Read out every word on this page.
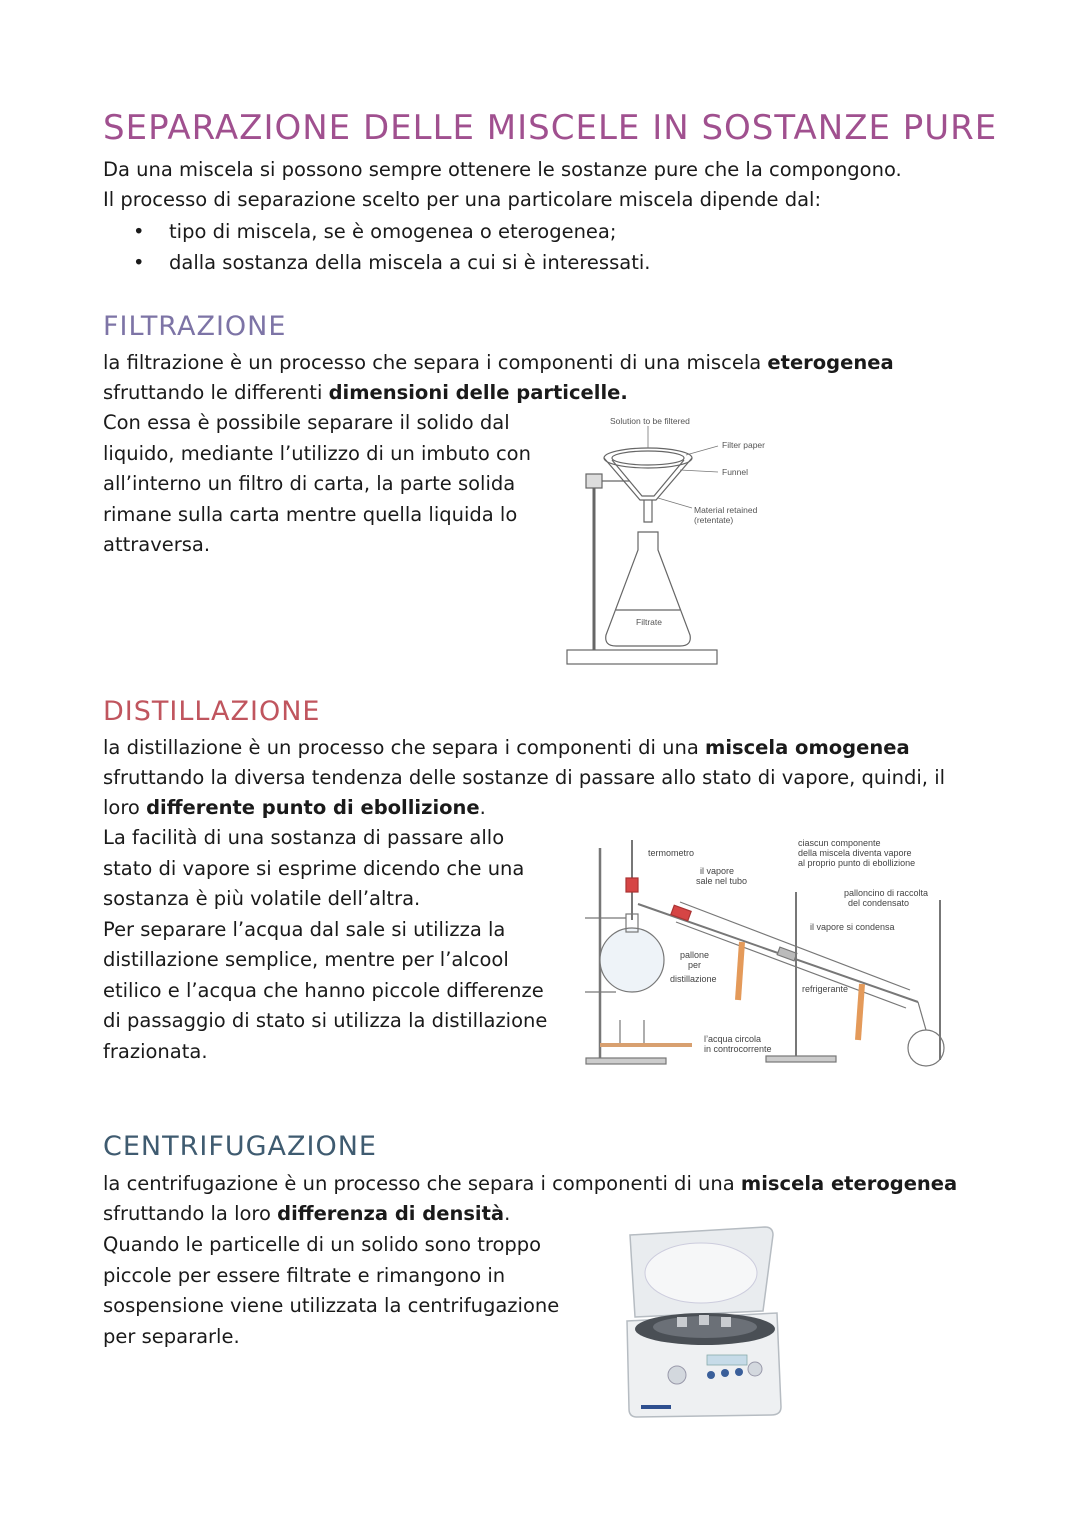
SEPARAZIONE DELLE MISCELE IN SOSTANZE PURE
Da una miscela si possono sempre ottenere le sostanze pure che la compongono.
Il processo di separazione scelto per una particolare miscela dipende dal:
• tipo di miscela, se è omogenea o eterogenea;
• dalla sostanza della miscela a cui si è interessati.
FILTRAZIONE
la filtrazione è un processo che separa i componenti di una miscela eterogenea
sfruttando le differenti dimensioni delle particelle.
Con essa è possibile separare il solido dal
liquido, mediante l’utilizzo di un imbuto con
all’interno un filtro di carta, la parte solida
rimane sulla carta mentre quella liquida lo
attraversa.
Solution to be filtered
Filter paper
Funnel
Material retained
(retentate)
Filtrate
DISTILLAZIONE
la distillazione è un processo che separa i componenti di una miscela omogenea
sfruttando la diversa tendenza delle sostanze di passare allo stato di vapore, quindi, il
loro differente punto di ebollizione.
La facilità di una sostanza di passare allo
stato di vapore si esprime dicendo che una
sostanza è più volatile dell’altra.
Per separare l’acqua dal sale si utilizza la
distillazione semplice, mentre per l’alcool
etilico e l’acqua che hanno piccole differenze
di passaggio di stato si utilizza la distillazione
frazionata.
termometro
il vapore
sale nel tubo
ciascun componente
della miscela diventa vapore
al proprio punto di ebollizione
palloncino di raccolta
del condensato
il vapore si condensa
pallone
per
distillazione
refrigerante
l’acqua circola
in controcorrente
CENTRIFUGAZIONE
la centrifugazione è un processo che separa i componenti di una miscela eterogenea
sfruttando la loro differenza di densità.
Quando le particelle di un solido sono troppo
piccole per essere filtrate e rimangono in
sospensione viene utilizzata la centrifugazione
per separarle.
